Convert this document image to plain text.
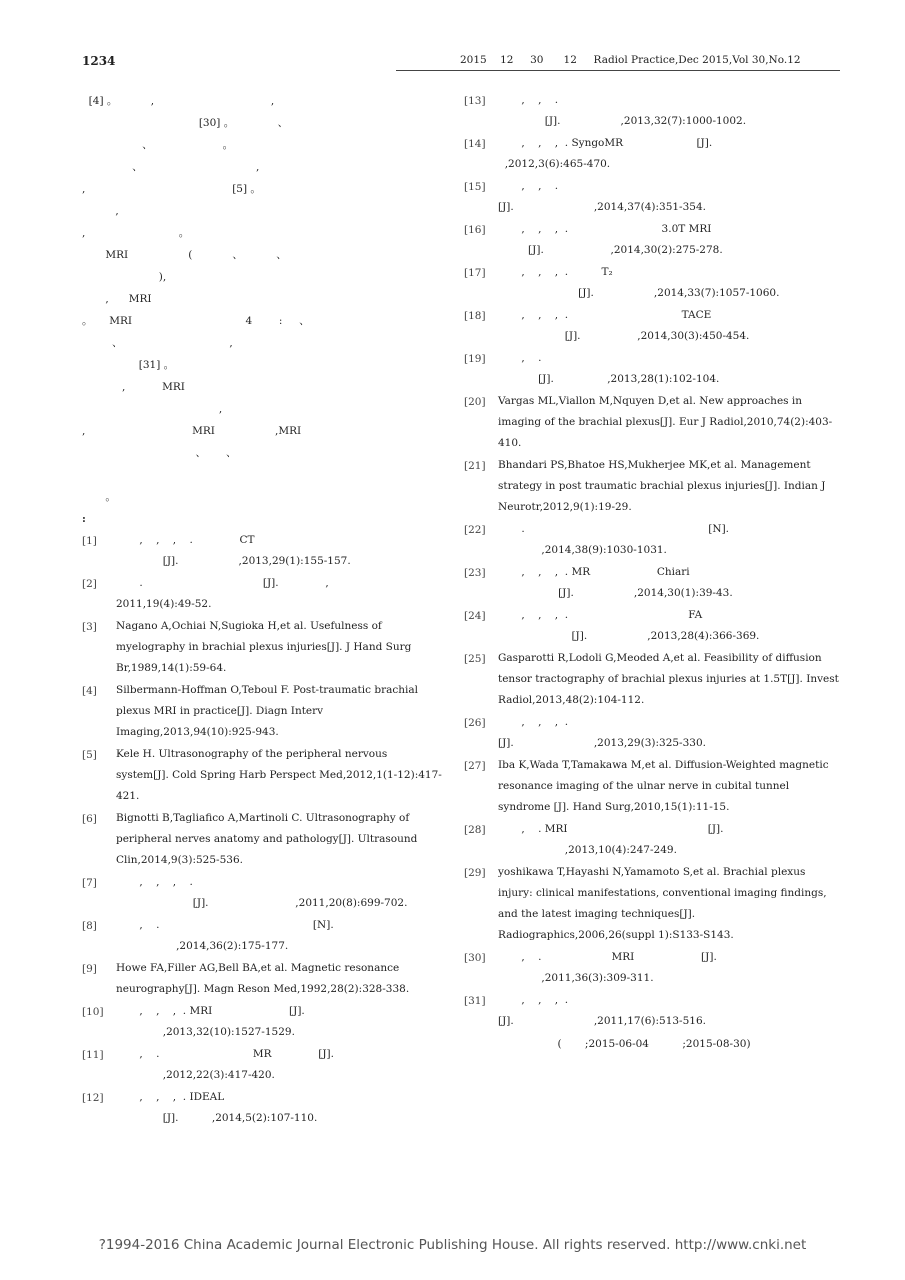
1234	2015    12     30      12     Radiol Practice,Dec 2015,Vol 30,No.12
[4] 。          ,                                   ,
[30] 。             、
、                     。
、                                  ,
,                                            [5] 。
,
,                            。
MRI                  (            、          、
),
,      MRI
。     MRI                                  4        :     、
、                                ,
[31] 。
,           MRI
,
,                                MRI                  ,MRI
、      、
。
:
[1]	,    ,    ,    .              CT
[J].                  ,2013,29(1):155-157.
[2]	.                                    [J].              ,
2011,19(4):49-52.
[3]	Nagano A,Ochiai N,Sugioka H,et al. Usefulness of myelography in brachial plexus injuries[J]. J Hand Surg Br,1989,14(1):59-64.
[4]	Silbermann-Hoffman O,Teboul F. Post-traumatic brachial plexus MRI in practice[J]. Diagn Interv Imaging,2013,94(10):925-943.
[5]	Kele H. Ultrasonography of the peripheral nervous system[J]. Cold Spring Harb Perspect Med,2012,1(1-12):417-421.
[6]	Bignotti B,Tagliafico A,Martinoli C. Ultrasonography of peripheral nerves anatomy and pathology[J]. Ultrasound Clin,2014,9(3):525-536.
[7]	,    ,    ,    .
[J].                          ,2011,20(8):699-702.
[8]	,    .                                              [N].
,2014,36(2):175-177.
[9]	Howe FA,Filler AG,Bell BA,et al. Magnetic resonance neurography[J]. Magn Reson Med,1992,28(2):328-338.
[10]	,    ,    ,  . MRI                       [J].
,2013,32(10):1527-1529.
[11]	,    .                            MR              [J].
,2012,22(3):417-420.
[12]	,    ,    ,  . IDEAL
[J].          ,2014,5(2):107-110.
[13]	,    ,    .
[J].                  ,2013,32(7):1000-1002.
[14]	,    ,    ,  . SyngoMR                      [J].
,2012,3(6):465-470.
[15]	,    ,    .
[J].                        ,2014,37(4):351-354.
[16]	,    ,    ,  .                            3.0T MRI
[J].                    ,2014,30(2):275-278.
[17]	,    ,    ,  .          T₂
[J].                  ,2014,33(7):1057-1060.
[18]	,    ,    ,  .                                  TACE
[J].                 ,2014,30(3):450-454.
[19]	,    .
[J].                ,2013,28(1):102-104.
[20]	Vargas ML,Viallon M,Nquyen D,et al. New approaches in imaging of the brachial plexus[J]. Eur J Radiol,2010,74(2):403-410.
[21]	Bhandari PS,Bhatoe HS,Mukherjee MK,et al. Management strategy in post traumatic brachial plexus injuries[J]. Indian J Neurotr,2012,9(1):19-29.
[22]	.                                                       [N].
,2014,38(9):1030-1031.
[23]	,    ,    ,  . MR                    Chiari
[J].                  ,2014,30(1):39-43.
[24]	,    ,    ,  .                                    FA
[J].                  ,2013,28(4):366-369.
[25]	Gasparotti R,Lodoli G,Meoded A,et al. Feasibility of diffusion tensor tractography of brachial plexus injuries at 1.5T[J]. Invest Radiol,2013,48(2):104-112.
[26]	,    ,    ,  .
[J].                        ,2013,29(3):325-330.
[27]	Iba K,Wada T,Tamakawa M,et al. Diffusion-Weighted magnetic resonance imaging of the ulnar nerve in cubital tunnel syndrome [J]. Hand Surg,2010,15(1):11-15.
[28]	,    . MRI                                          [J].
,2013,10(4):247-249.
[29]	yoshikawa T,Hayashi N,Yamamoto S,et al. Brachial plexus injury: clinical manifestations, conventional imaging findings, and the latest imaging techniques[J]. Radiographics,2006,26(suppl 1):S133-S143.
[30]	,    .                     MRI                    [J].
,2011,36(3):309-311.
[31]	,    ,    ,  .
[J].                        ,2011,17(6):513-516.
(       ;2015-06-04          ;2015-08-30)
?1994-2016 China Academic Journal Electronic Publishing House. All rights reserved. http://www.cnki.net
